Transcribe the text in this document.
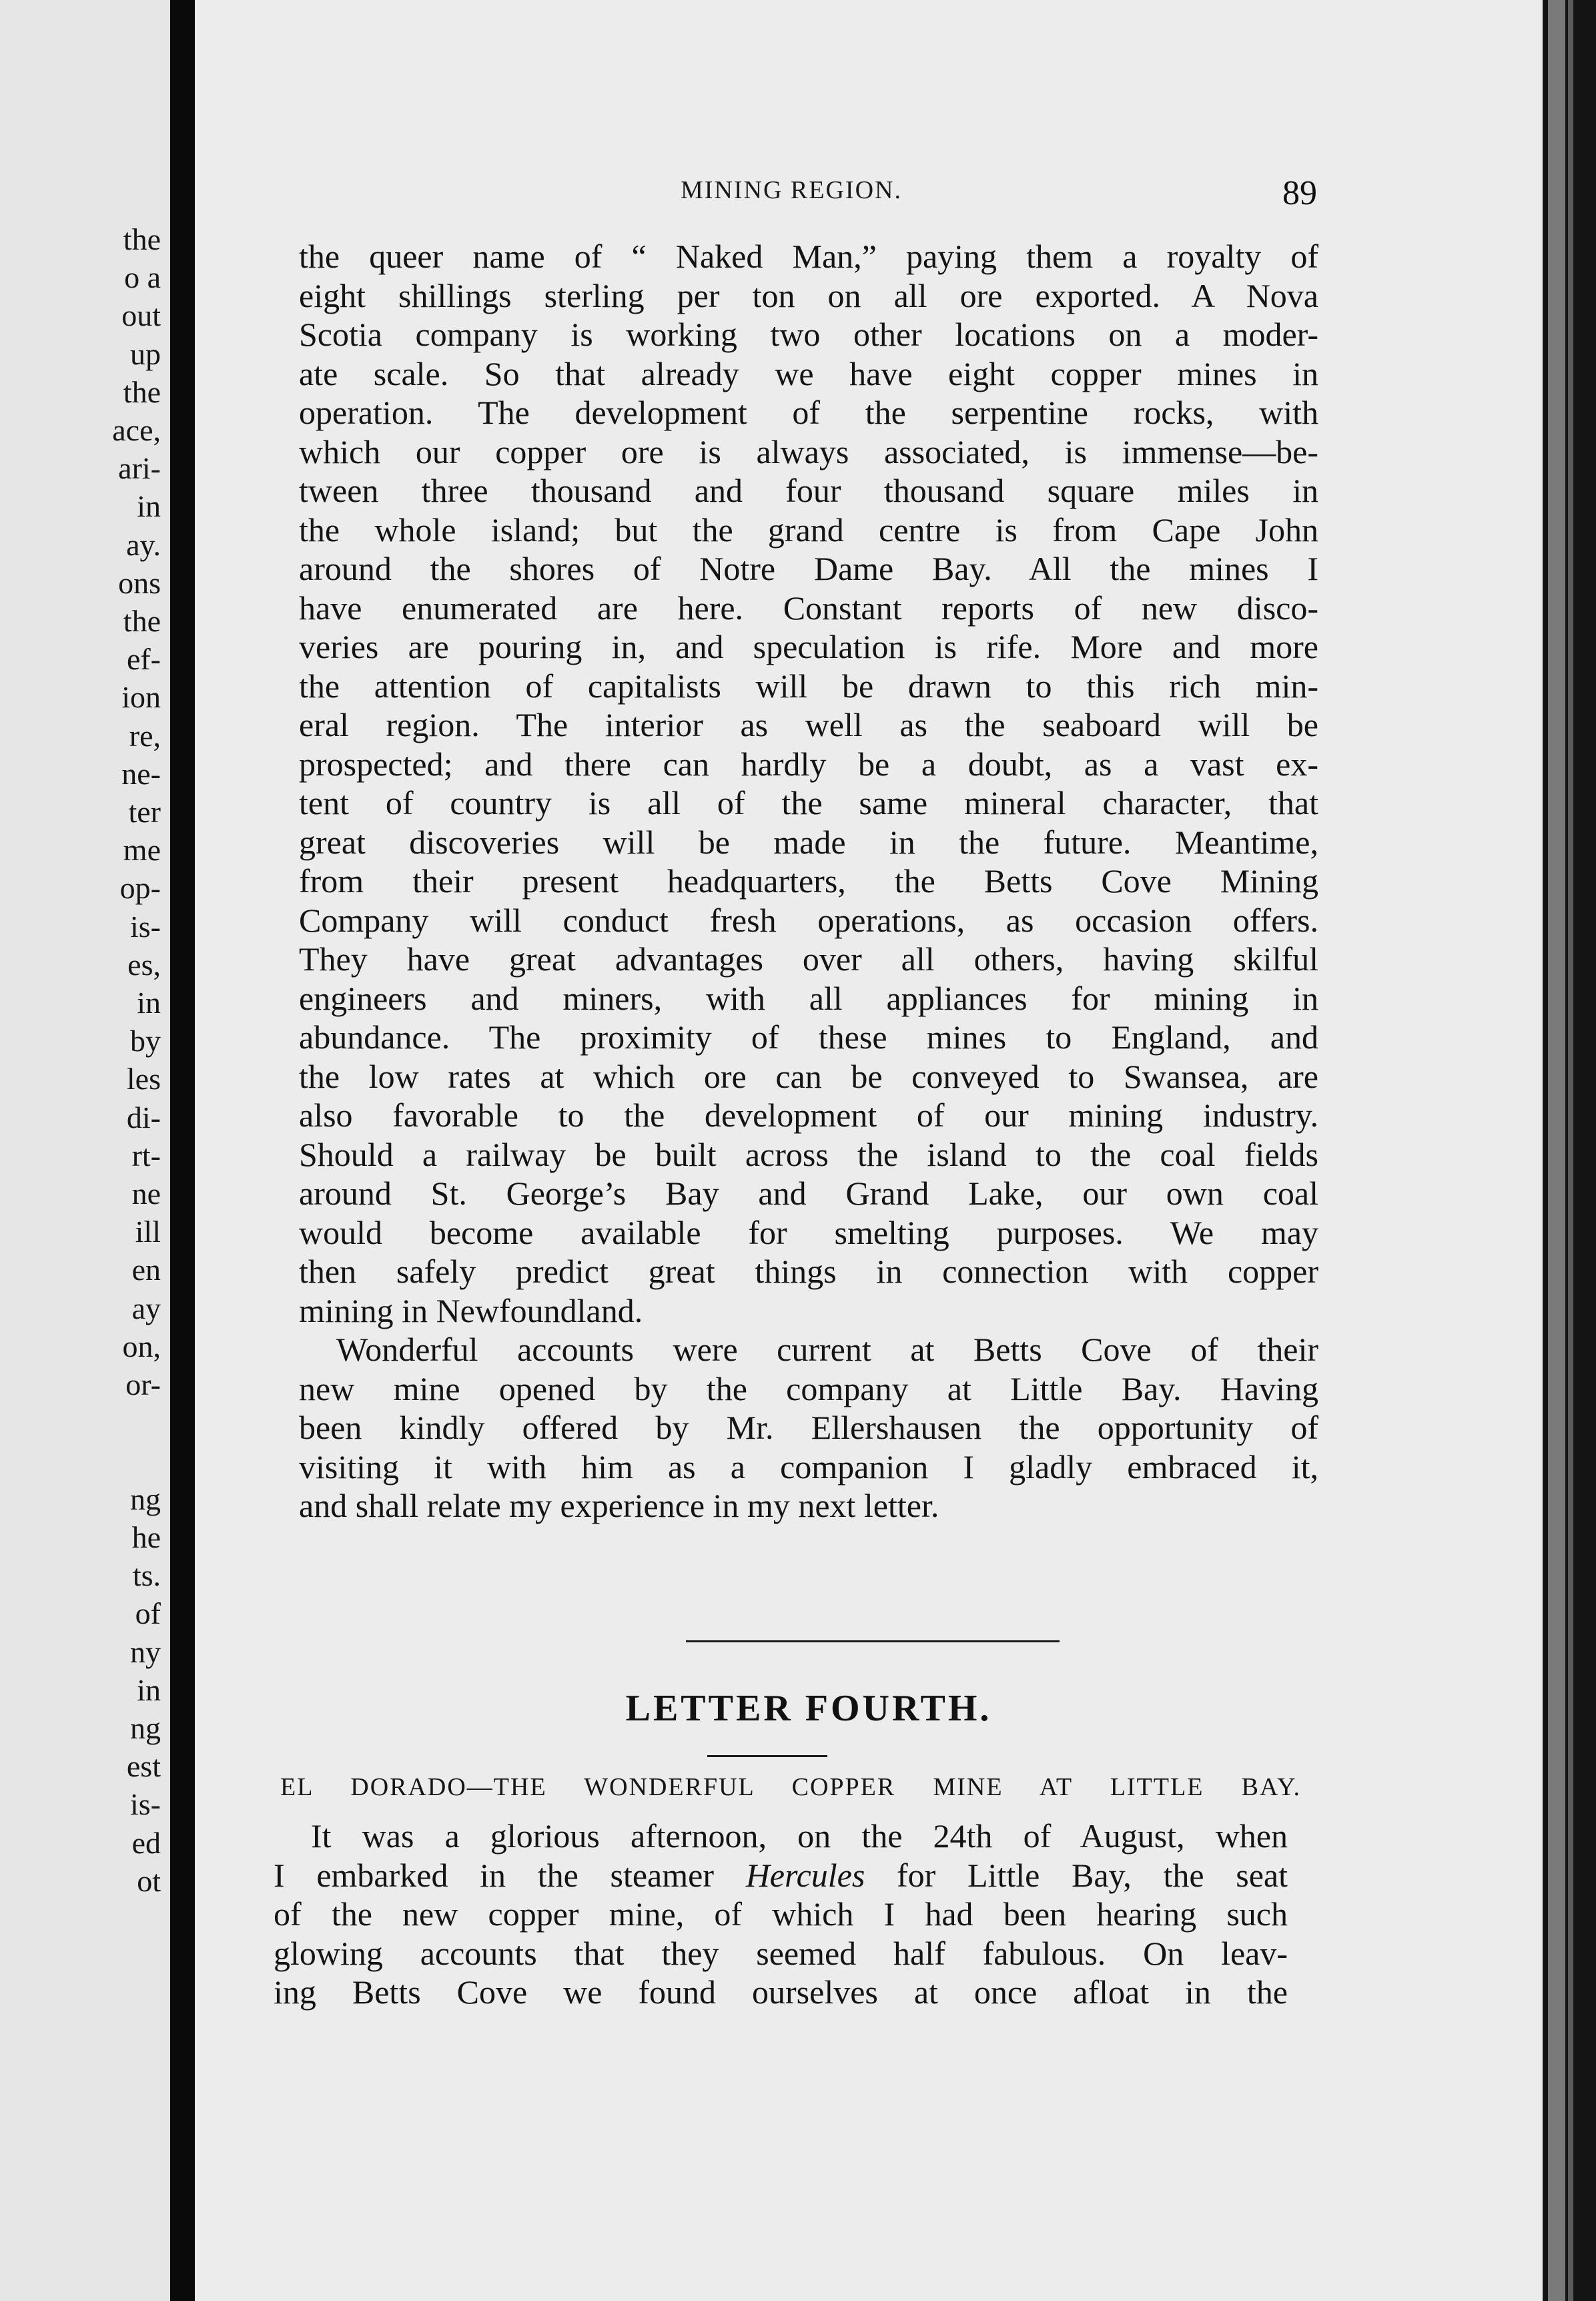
the
o a
out
up
the
ace,
ari-
in
ay.
ons
the
ef-
ion
re,
ne-
ter
me
op-
is-
es,
in
by
les
di-
rt-
ne
ill
en
ay
on,
or-

ng
he
ts.
of
ny
in
ng
est
is-
ed
ot
MINING REGION.	89
the queer name of “ Naked Man,” paying them a royalty of
eight shillings sterling per ton on all ore exported. A Nova
Scotia company is working two other locations on a moder-
ate scale. So that already we have eight copper mines in
operation. The development of the serpentine rocks, with
which our copper ore is always associated, is immense—be-
tween three thousand and four thousand square miles in
the whole island; but the grand centre is from Cape John
around the shores of Notre Dame Bay. All the mines I
have enumerated are here. Constant reports of new disco-
veries are pouring in, and speculation is rife. More and more
the attention of capitalists will be drawn to this rich min-
eral region. The interior as well as the seaboard will be
prospected; and there can hardly be a doubt, as a vast ex-
tent of country is all of the same mineral character, that
great discoveries will be made in the future. Meantime,
from their present headquarters, the Betts Cove Mining
Company will conduct fresh operations, as occasion offers.
They have great advantages over all others, having skilful
engineers and miners, with all appliances for mining in
abundance. The proximity of these mines to England, and
the low rates at which ore can be conveyed to Swansea, are
also favorable to the development of our mining industry.
Should a railway be built across the island to the coal fields
around St. George’s Bay and Grand Lake, our own coal
would become available for smelting purposes. We may
then safely predict great things in connection with copper
mining in Newfoundland.
Wonderful accounts were current at Betts Cove of their
new mine opened by the company at Little Bay. Having
been kindly offered by Mr. Ellershausen the opportunity of
visiting it with him as a companion I gladly embraced it,
and shall relate my experience in my next letter.
LETTER FOURTH.
EL DORADO—THE WONDERFUL COPPER MINE AT LITTLE BAY.
It was a glorious afternoon, on the 24th of August, when
I embarked in the steamer Hercules for Little Bay, the seat
of the new copper mine, of which I had been hearing such
glowing accounts that they seemed half fabulous. On leav-
ing Betts Cove we found ourselves at once afloat in the
